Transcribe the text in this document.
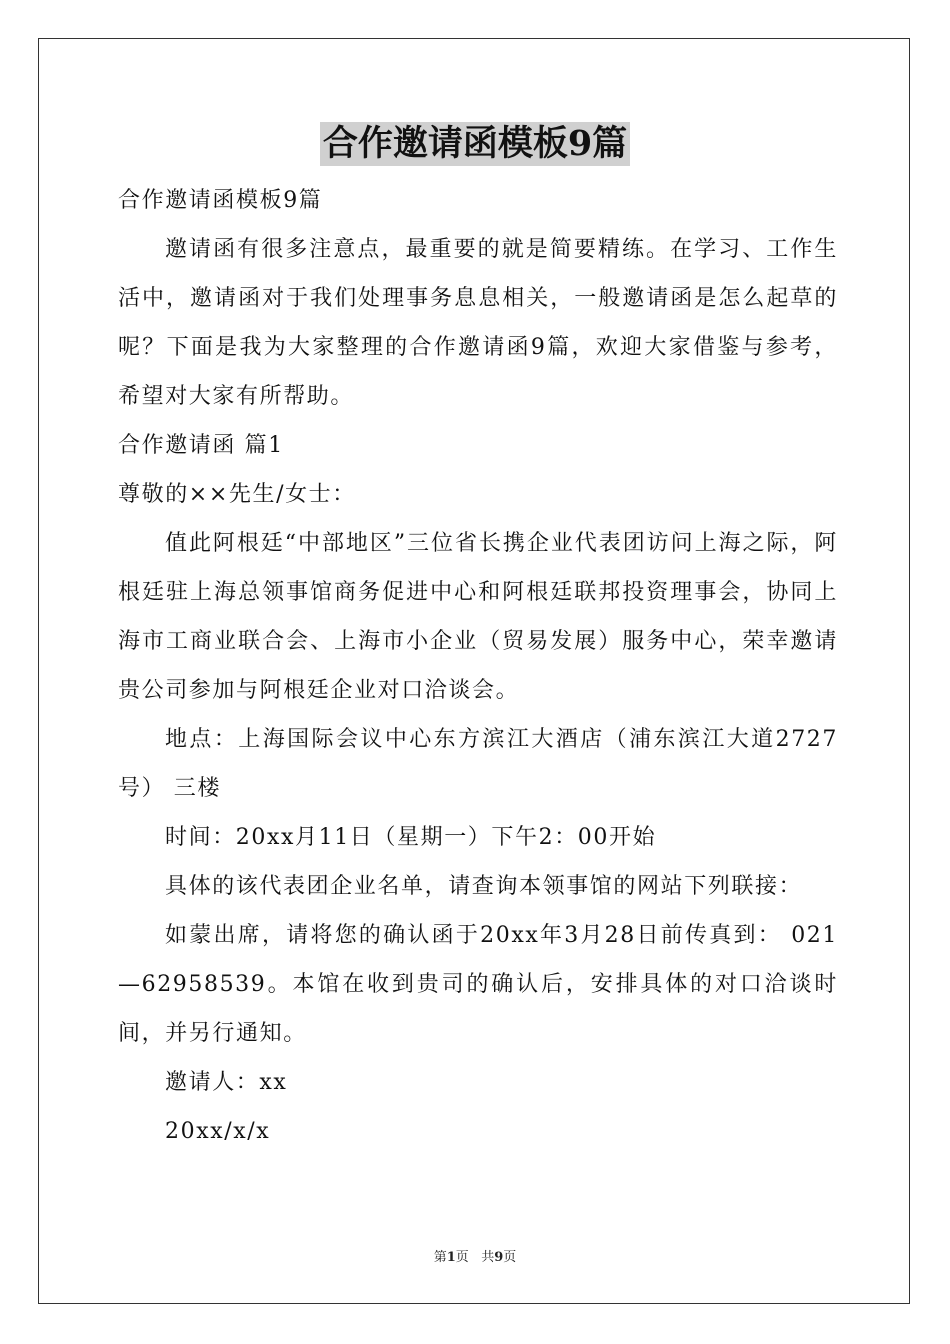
合作邀请函模板9篇

合作邀请函模板9篇

邀请函有很多注意点，最重要的就是简要精练。在学习、工作生活中，邀请函对于我们处理事务息息相关，一般邀请函是怎么起草的呢？下面是我为大家整理的合作邀请函9篇，欢迎大家借鉴与参考，希望对大家有所帮助。

合作邀请函 篇1

尊敬的××先生/女士：

值此阿根廷“中部地区”三位省长携企业代表团访问上海之际，阿根廷驻上海总领事馆商务促进中心和阿根廷联邦投资理事会，协同上海市工商业联合会、上海市小企业（贸易发展）服务中心，荣幸邀请贵公司参加与阿根廷企业对口洽谈会。

地点：上海国际会议中心东方滨江大酒店（浦东滨江大道2727号） 三楼

时间：20xx月11日（星期一）下午2：00开始

具体的该代表团企业名单，请查询本领事馆的网站下列联接：

如蒙出席，请将您的确认函于20xx年3月28日前传真到： 021—62958539。本馆在收到贵司的确认后，安排具体的对口洽谈时间，并另行通知。

邀请人：xx

20xx/x/x

第1页 共9页
